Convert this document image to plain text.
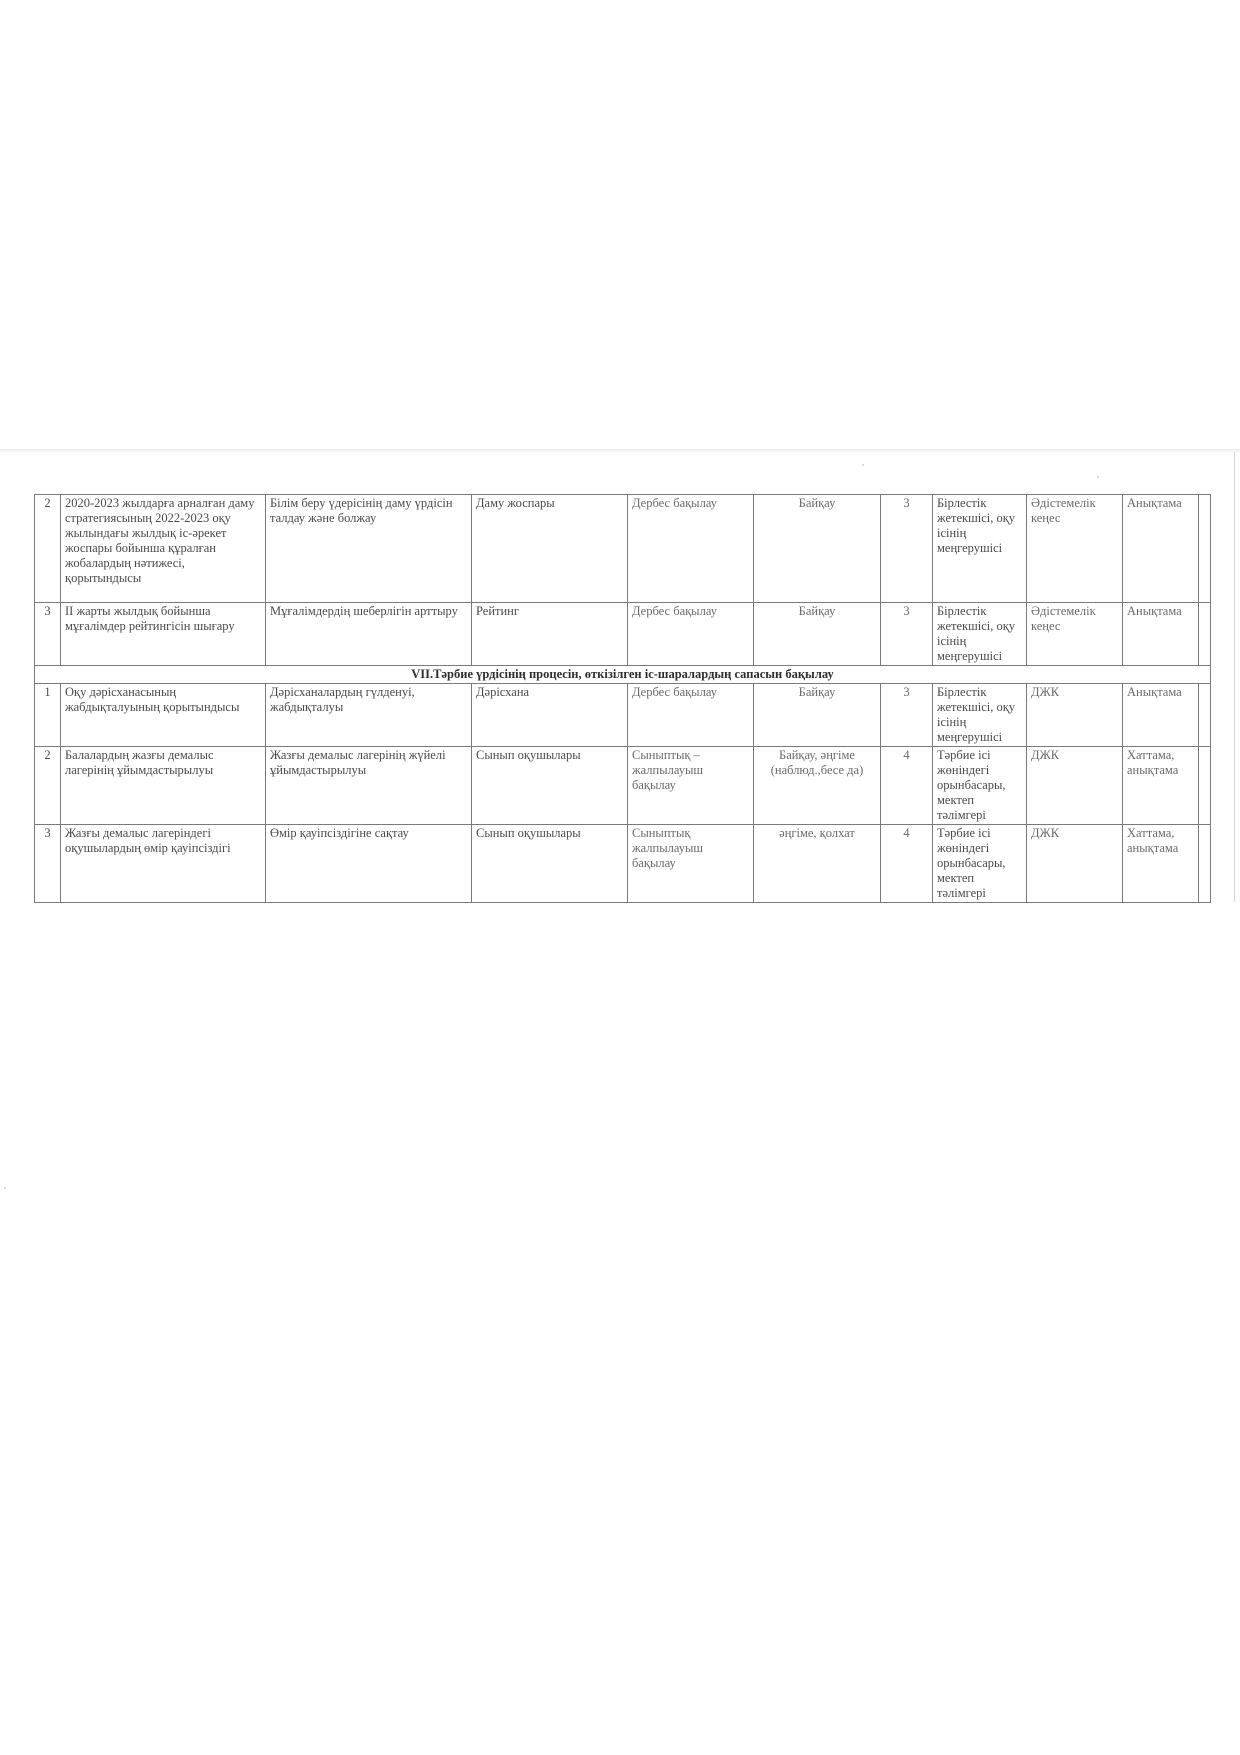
2	2020-2023 жылдарға арналған даму стратегиясының 2022-2023 оқу жылындағы жылдық іс-әрекет жоспары бойынша құралған жобалардың нәтижесі, қорытындысы	Білім беру үдерісінің даму үрдісін талдау және болжау	Даму жоспары	Дербес бақылау	Байқау	3	Бірлестік жетекшісі, оқу ісінің меңгерушісі	Әдістемелік кеңес	Анықтама	
3	II жарты жылдық бойынша мұғалімдер рейтингісін шығару	Мұғалімдердің шеберлігін арттыру	Рейтинг	Дербес бақылау	Байқау	3	Бірлестік жетекшісі, оқу ісінің меңгерушісі	Әдістемелік кеңес	Анықтама	
VII.Тәрбие үрдісінің процесін, өткізілген іс-шаралардың сапасын бақылау										
1	Оқу дәрісханасының жабдықталуының қорытындысы	Дәрісханалардың гүлденуі, жабдықталуы	Дәрісхана	Дербес бақылау	Байқау	3	Бірлестік жетекшісі, оқу ісінің меңгерушісі	ДЖК	Анықтама	
2	Балалардың жазғы демалыс лагерінің ұйымдастырылуы	Жазғы демалыс лагерінің жүйелі ұйымдастырылуы	Сынып оқушылары	Сыныптық – жалпылауыш бақылау	Байқау, әңгіме (наблюд.,бесе да)	4	Тәрбие ісі жөніндегі орынбасары, мектеп тәлімгері	ДЖК	Хаттама, анықтама	
3	Жазғы демалыс лагеріндегі оқушылардың өмір қауіпсіздігі	Өмір қауіпсіздігіне сақтау	Сынып оқушылары	Сыныптық жалпылауыш бақылау	әңгіме, қолхат	4	Тәрбие ісі жөніндегі орынбасары, мектеп тәлімгері	ДЖК	Хаттама, анықтама	
